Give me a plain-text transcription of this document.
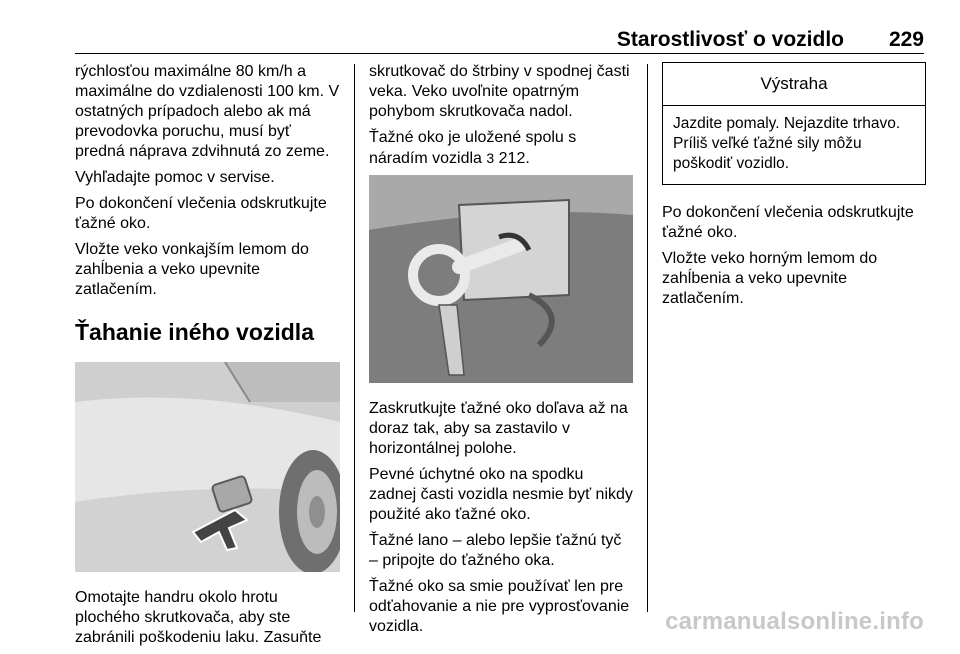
Starostlivosť o vozidlo 229

rýchlosťou maximálne 80 km/h a maximálne do vzdialenosti 100 km. V ostatných prípadoch alebo ak má prevodovka poruchu, musí byť predná náprava zdvihnutá zo zeme.

Vyhľadajte pomoc v servise.

Po dokončení vlečenia odskrutkujte ťažné oko.

Vložte veko vonkajším lemom do zahĺbenia a veko upevnite zatlačením.

Ťahanie iného vozidla

Omotajte handru okolo hrotu plochého skrutkovača, aby ste zabránili poškodeniu laku. Zasuňte

skrutkovač do štrbiny v spodnej časti veka. Veko uvoľnite opatrným pohybom skrutkovača nadol.

Ťažné oko je uložené spolu s náradím vozidla 3 212.

Zaskrutkujte ťažné oko doľava až na doraz tak, aby sa zastavilo v horizontálnej polohe.

Pevné úchytné oko na spodku zadnej časti vozidla nesmie byť nikdy použité ako ťažné oko.

Ťažné lano – alebo lepšie ťažnú tyč – pripojte do ťažného oka.

Ťažné oko sa smie používať len pre odťahovanie a nie pre vyprosťovanie vozidla.

Výstraha
Jazdite pomaly. Nejazdite trhavo. Príliš veľké ťažné sily môžu poškodiť vozidlo.

Po dokončení vlečenia odskrutkujte ťažné oko.

Vložte veko horným lemom do zahĺbenia a veko upevnite zatlačením.

carmanualsonline.info
